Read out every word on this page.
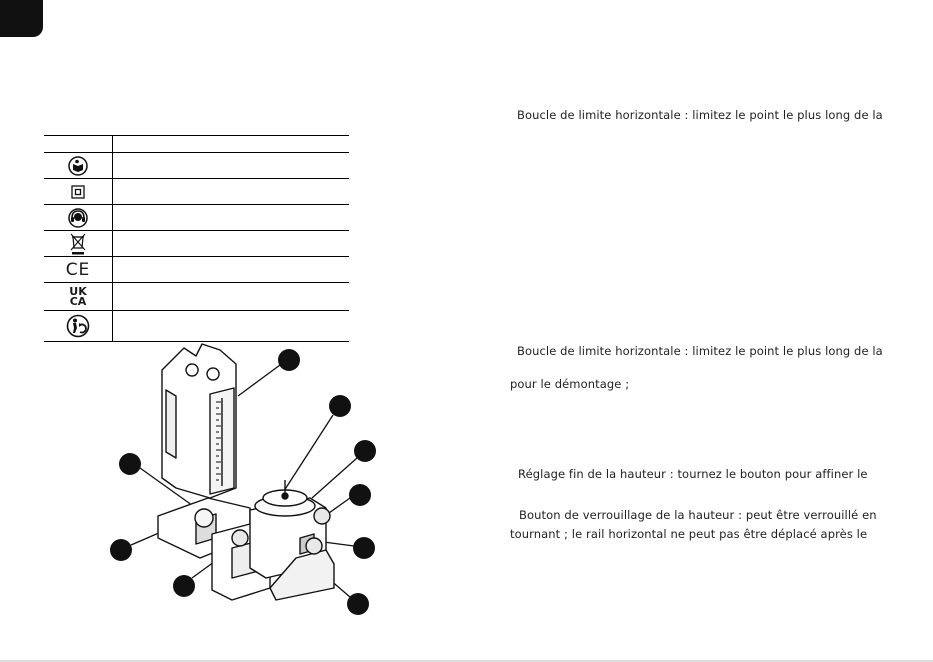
CE	

UK
CA	

Boucle de limite horizontale : limitez le point le plus long de la
Boucle de limite horizontale : limitez le point le plus long de la
pour le démontage ;
Réglage fin de la hauteur : tournez le bouton pour affiner le
Bouton de verrouillage de la hauteur : peut être verrouillé en
tournant ; le rail horizontal ne peut pas être déplacé après le
